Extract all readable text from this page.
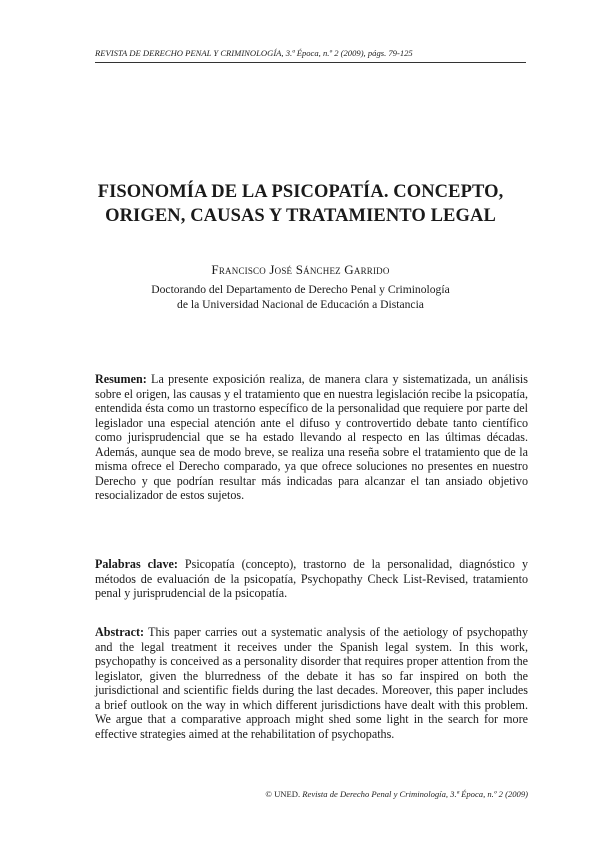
REVISTA DE DERECHO PENAL Y CRIMINOLOGÍA, 3.ª Época, n.º 2 (2009), págs. 79-125
FISONOMÍA DE LA PSICOPATÍA. CONCEPTO,
ORIGEN, CAUSAS Y TRATAMIENTO LEGAL
Francisco José Sánchez Garrido
Doctorando del Departamento de Derecho Penal y Criminología
de la Universidad Nacional de Educación a Distancia

Resumen: La presente exposición realiza, de manera clara y sistematizada, un análisis sobre el origen, las causas y el tratamiento que en nuestra legislación recibe la psicopatía, entendida ésta como un trastorno específico de la personalidad que requiere por parte del legislador una especial atención ante el difuso y controvertido debate tanto científico como jurisprudencial que se ha estado llevando al respecto en las últimas décadas. Además, aunque sea de modo breve, se realiza una reseña sobre el tratamiento que de la misma ofrece el Derecho comparado, ya que ofrece soluciones no presentes en nuestro Derecho y que podrían resultar más indicadas para alcanzar el tan ansiado objetivo resocializador de estos sujetos.

Palabras clave: Psicopatía (concepto), trastorno de la personalidad, diagnóstico y métodos de evaluación de la psicopatía, Psychopathy Check List-Revised, tratamiento penal y jurisprudencial de la psicopatía.

Abstract: This paper carries out a systematic analysis of the aetiology of psychopathy and the legal treatment it receives under the Spanish legal system. In this work, psychopathy is conceived as a personality disorder that requires proper attention from the legislator, given the blurredness of the debate it has so far inspired on both the jurisdictional and scientific fields during the last decades. Moreover, this paper includes a brief outlook on the way in which different jurisdictions have dealt with this problem. We argue that a comparative approach might shed some light in the search for more effective strategies aimed at the rehabilitation of psychopaths.

© UNED. Revista de Derecho Penal y Criminología, 3.ª Época, n.º 2 (2009)
